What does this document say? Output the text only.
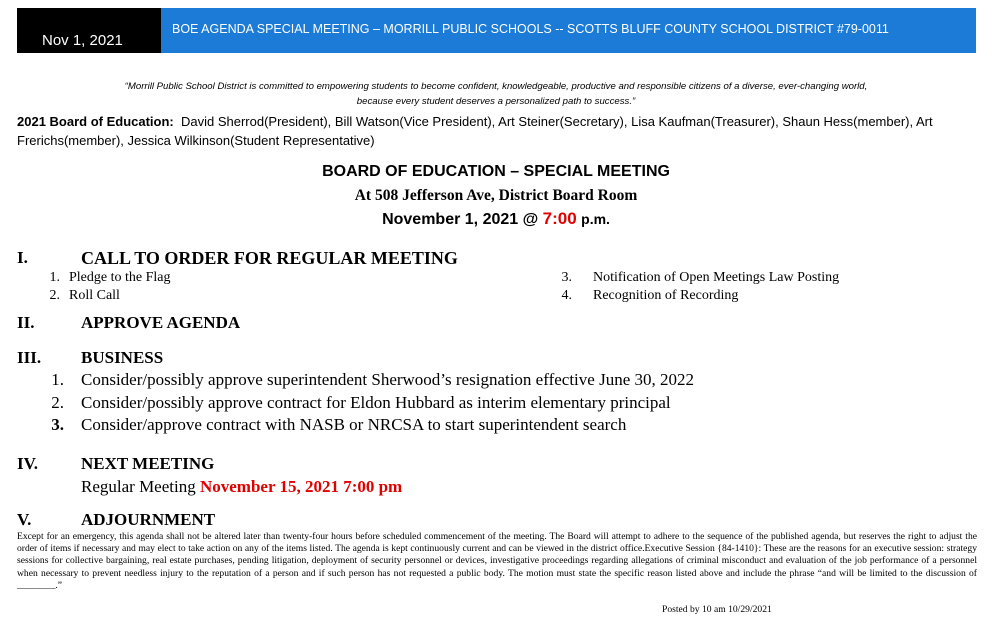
Nov 1, 2021
BOE AGENDA SPECIAL MEETING – MORRILL PUBLIC SCHOOLS -- SCOTTS BLUFF COUNTY SCHOOL DISTRICT #79-0011
“Morrill Public School District is committed to empowering students to become confident, knowledgeable, productive and responsible citizens of a diverse, ever-changing world,
because every student deserves a personalized path to success.”
2021 Board of Education: David Sherrod(President), Bill Watson(Vice President), Art Steiner(Secretary), Lisa Kaufman(Treasurer), Shaun Hess(member), Art Frerichs(member), Jessica Wilkinson(Student Representative)
BOARD OF EDUCATION – SPECIAL MEETING
At 508 Jefferson Ave, District Board Room
November 1, 2021 @ 7:00 p.m.
I.	CALL TO ORDER FOR REGULAR MEETING
1. Pledge to the Flag
2. Roll Call
3. Notification of Open Meetings Law Posting
4. Recognition of Recording
II.	APPROVE AGENDA
III. BUSINESS
1. Consider/possibly approve superintendent Sherwood’s resignation effective June 30, 2022
2. Consider/possibly approve contract for Eldon Hubbard as interim elementary principal
3. Consider/approve contract with NASB or NRCSA to start superintendent search
IV.	NEXT MEETING
Regular Meeting November 15, 2021 7:00 pm
V.	ADJOURNMENT
Except for an emergency, this agenda shall not be altered later than twenty-four hours before scheduled commencement of the meeting. The Board will attempt to adhere to the sequence of the published agenda, but reserves the right to adjust the order of items if necessary and may elect to take action on any of the items listed. The agenda is kept continuously current and can be viewed in the district office.Executive Session {84-1410}: These are the reasons for an executive session: strategy sessions for collective bargaining, real estate purchases, pending litigation, deployment of security personnel or devices, investigative proceedings regarding allegations of criminal misconduct and evaluation of the job performance of a personnel when necessary to prevent needless injury to the reputation of a person and if such person has not requested a public body. The motion must state the specific reason listed above and include the phrase “and will be limited to the discussion of ________.”
Posted by 10 am 10/29/2021
